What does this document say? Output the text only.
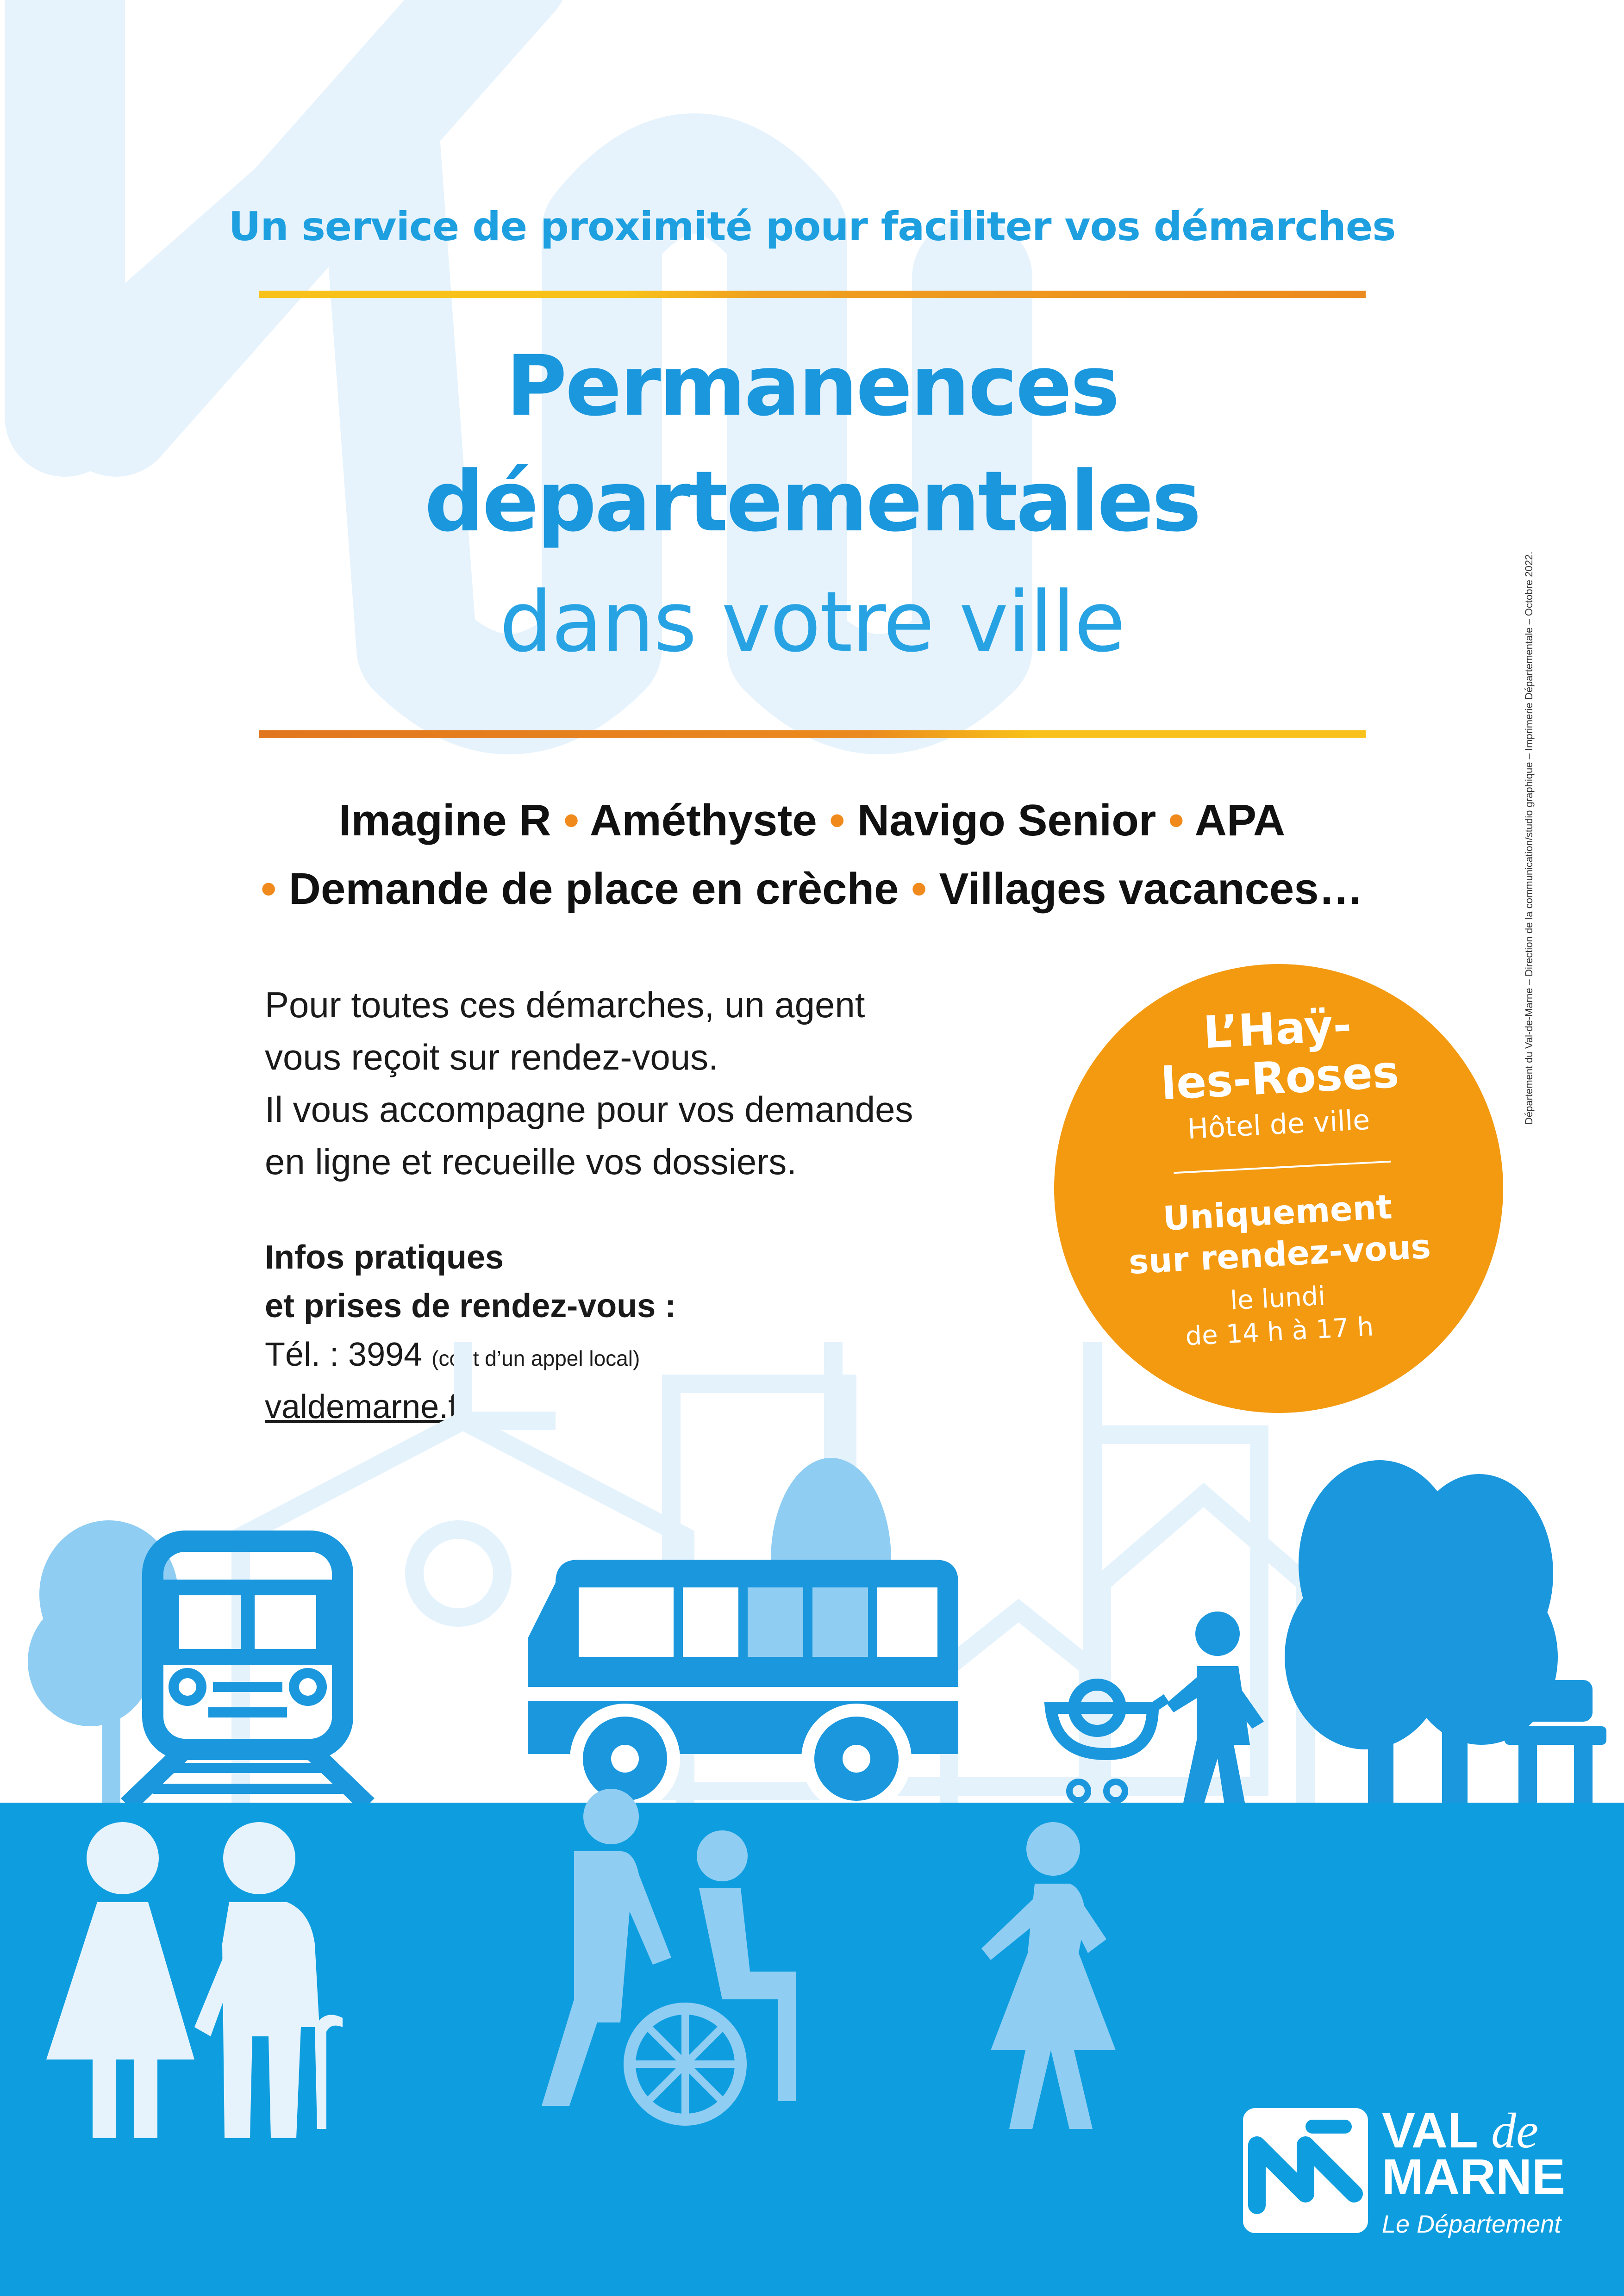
Un service de proximité pour faciliter vos démarches
Permanences
départementales
dans votre ville
Imagine R • Améthyste • Navigo Senior • APA
• Demande de place en crèche • Villages vacances…
Pour toutes ces démarches, un agent
vous reçoit sur rendez-vous.
Il vous accompagne pour vos demandes
en ligne et recueille vos dossiers.
Infos pratiques
et prises de rendez-vous :
Tél. : 3994 (coût d’un appel local)
valdemarne.fr
L’Haÿ-
les-Roses
Hôtel de ville
Uniquement
sur rendez-vous
le lundi
de 14 h à 17 h
Département du Val-de-Marne – Direction de la communication/studio graphique – Imprimerie Départementale – Octobre 2022.
VAL de
MARNE
Le Département
